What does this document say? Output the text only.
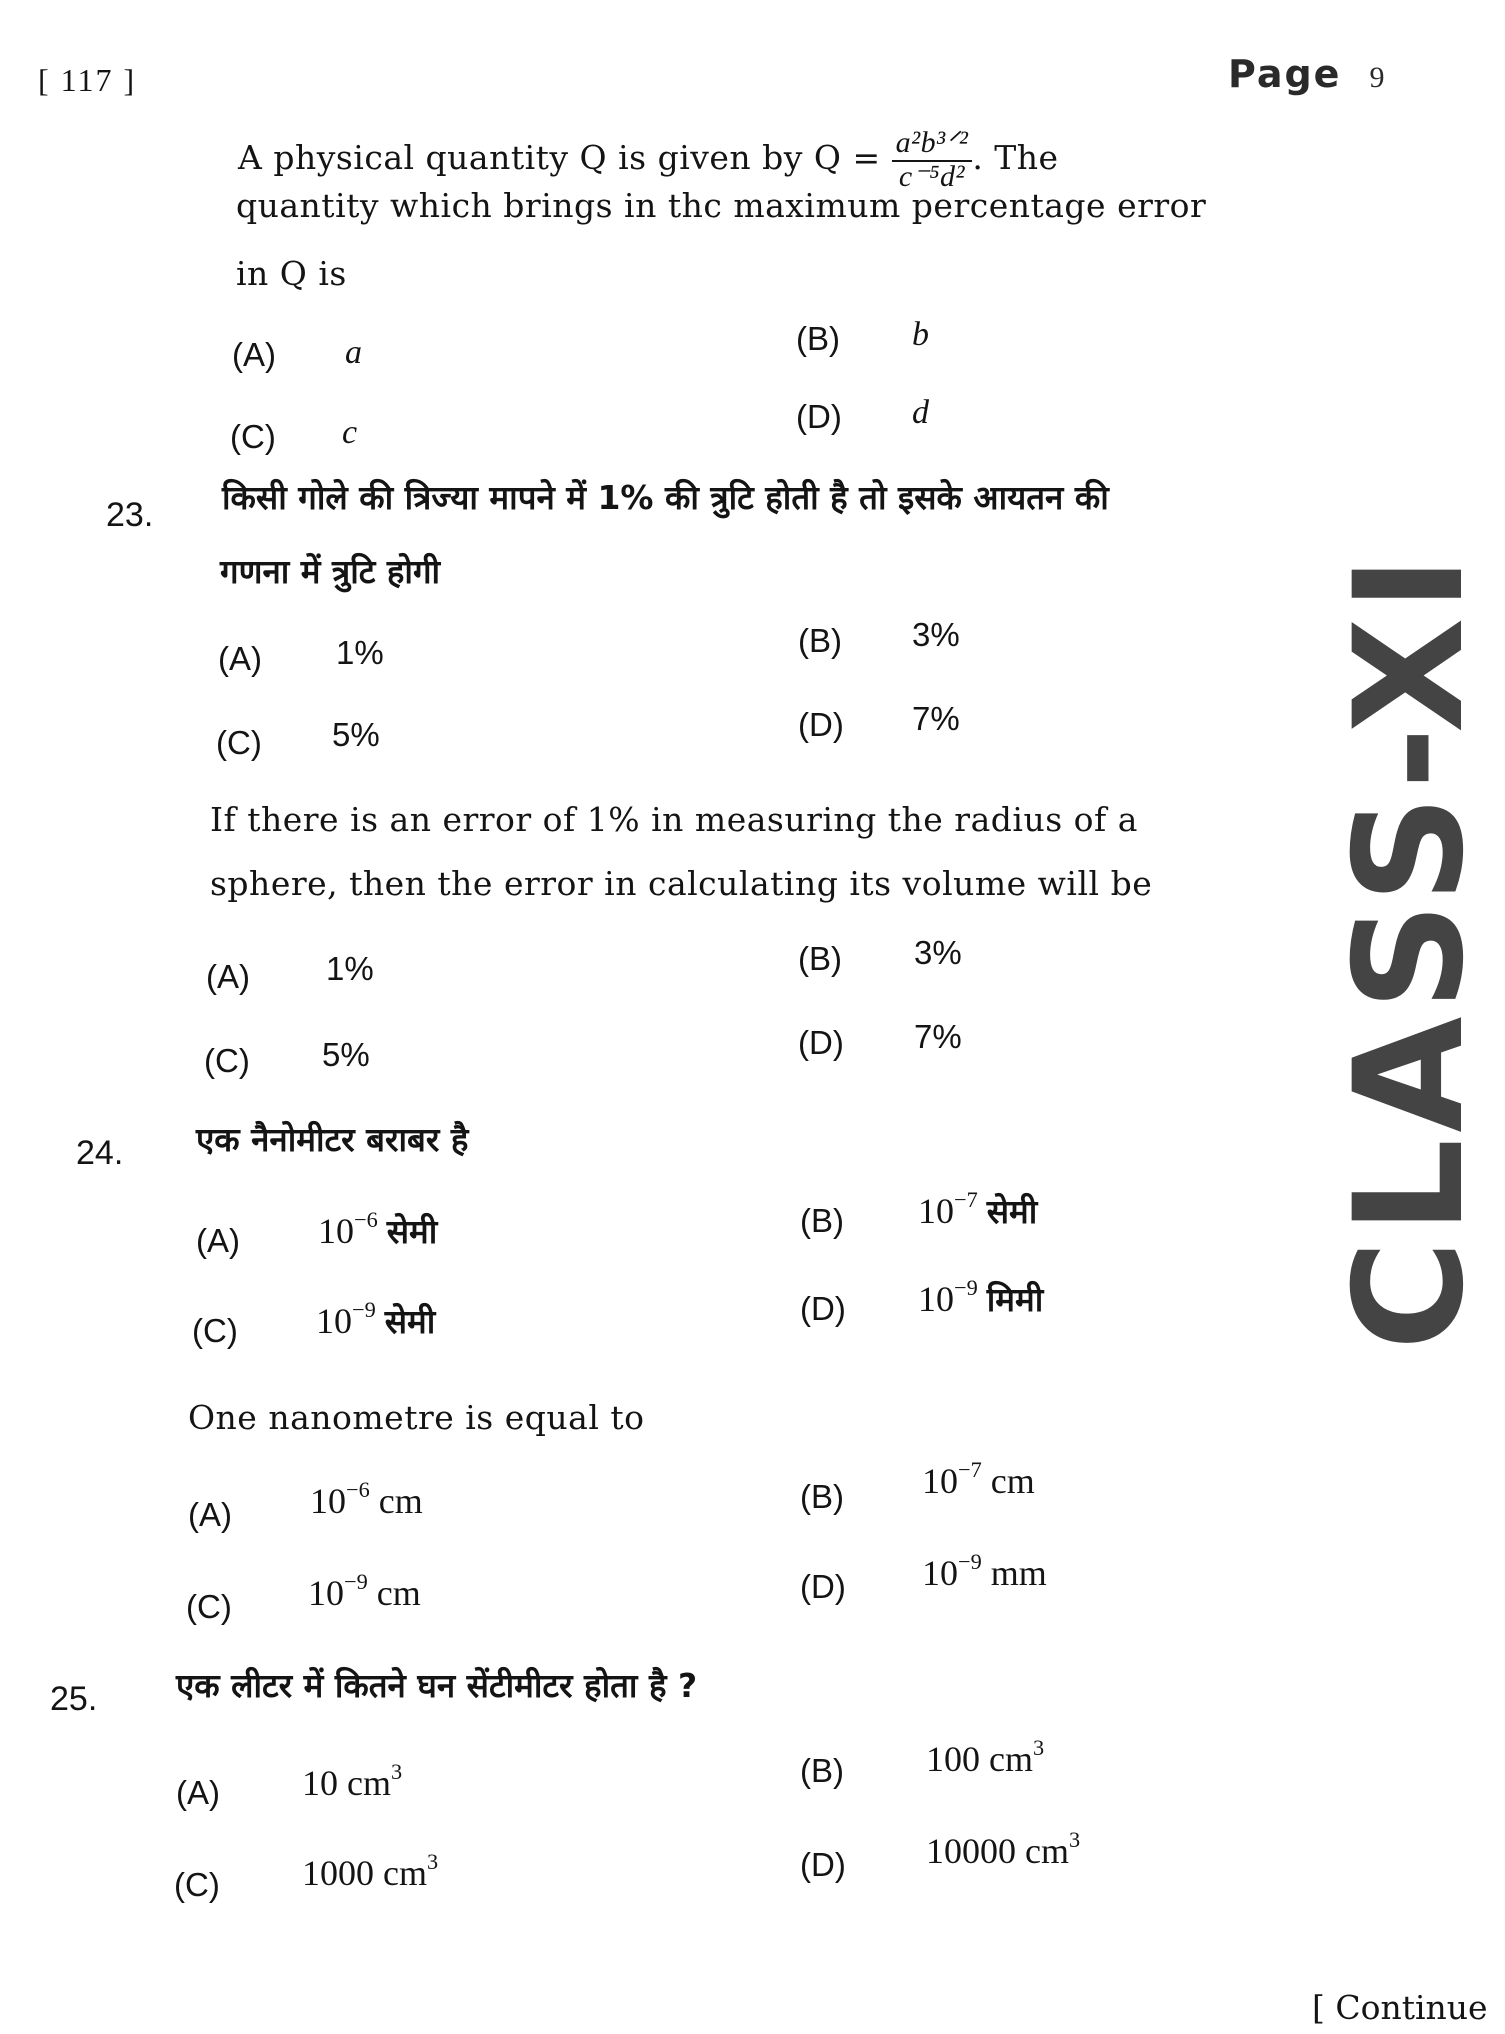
[ 117 ]	Page 9
A physical quantity Q is given by $Q = \frac{\text{a²b³ᐟ²}}{\text{c⁻⁵d²}}$ . The
quantity which brings in thc maximum percentage error
in Q is
(A) a	(B) b
(C) c	(D) d
23. किसी गोले की त्रिज्या मापने में 1% की त्रुटि होती है तो इसके आयतन की
गणना में त्रुटि होगी
(A) 1%	(B) 3%
(C) 5%	(D) 7%
If there is an error of 1% in measuring the radius of a
sphere, then the error in calculating its volume will be
(A) 1%	(B) 3%
(C) 5%	(D) 7%
24. एक नैनोमीटर बराबर है
(A) $10^{-6}$ सेमी	(B) $10^{-7}$ सेमी
(C) $10^{-9}$ सेमी	(D) $10^{-9}$ मिमी
One nanometre is equal to
(A) $10^{-6}$ cm	(B) $10^{-7}$ cm
(C) $10^{-9}$ cm	(D) $10^{-9}$ mm
25. एक लीटर में कितने घन सेंटीमीटर होता है ?
(A) 10 $cm^3$	(B) 100 $cm^3$
(C) 1000 $cm^3$	(D) 10000 $cm^3$
CLASS-XI
[ Continue
